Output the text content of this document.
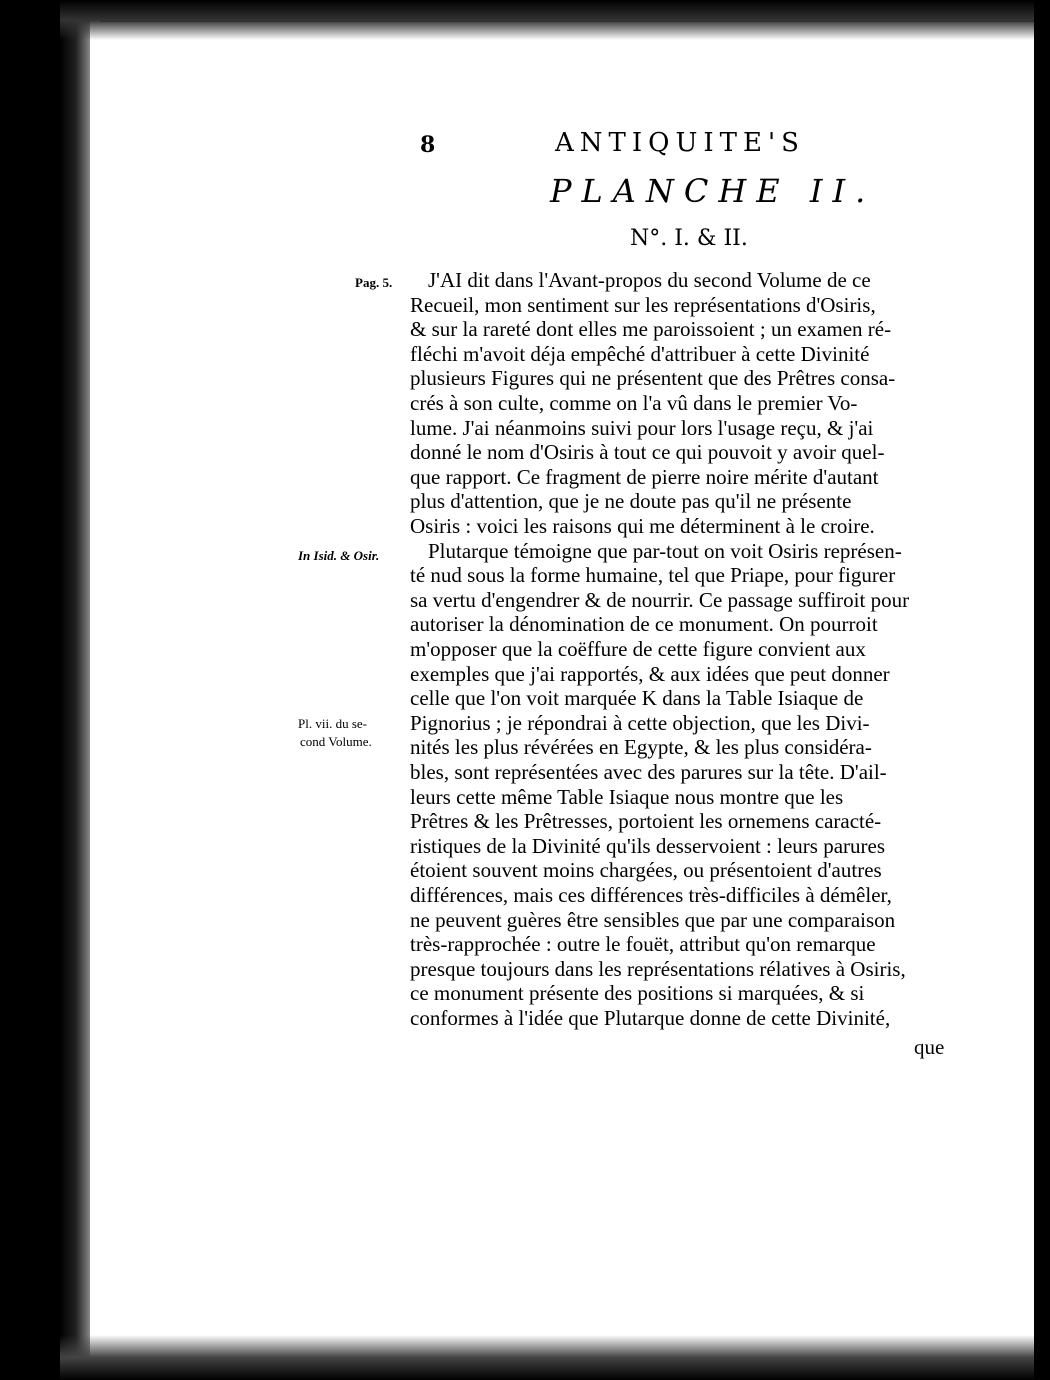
8	ANTIQUITE'S
PLANCHE II.
N°. I. & II.
Pag. 5.
In Isid. & Osir.
Pl. vii. du se-
cond Volume.
J'AI dit dans l'Avant-propos du second Volume de ce
Recueil, mon sentiment sur les représentations d'Osiris,
& sur la rareté dont elles me paroissoient ; un examen ré-
fléchi m'avoit déja empêché d'attribuer à cette Divinité
plusieurs Figures qui ne présentent que des Prêtres consa-
crés à son culte, comme on l'a vû dans le premier Vo-
lume. J'ai néanmoins suivi pour lors l'usage reçu, & j'ai
donné le nom d'Osiris à tout ce qui pouvoit y avoir quel-
que rapport. Ce fragment de pierre noire mérite d'autant
plus d'attention, que je ne doute pas qu'il ne présente
Osiris : voici les raisons qui me déterminent à le croire.
Plutarque témoigne que par-tout on voit Osiris représen-
té nud sous la forme humaine, tel que Priape, pour figurer
sa vertu d'engendrer & de nourrir. Ce passage suffiroit pour
autoriser la dénomination de ce monument. On pourroit
m'opposer que la coëffure de cette figure convient aux
exemples que j'ai rapportés, & aux idées que peut donner
celle que l'on voit marquée K dans la Table Isiaque de
Pignorius ; je répondrai à cette objection, que les Divi-
nités les plus révérées en Egypte, & les plus considéra-
bles, sont représentées avec des parures sur la tête. D'ail-
leurs cette même Table Isiaque nous montre que les
Prêtres & les Prêtresses, portoient les ornemens caracté-
ristiques de la Divinité qu'ils desservoient : leurs parures
étoient souvent moins chargées, ou présentoient d'autres
différences, mais ces différences très-difficiles à démêler,
ne peuvent guères être sensibles que par une comparaison
très-rapprochée : outre le fouët, attribut qu'on remarque
presque toujours dans les représentations rélatives à Osiris,
ce monument présente des positions si marquées, & si
conformes à l'idée que Plutarque donne de cette Divinité,
que
